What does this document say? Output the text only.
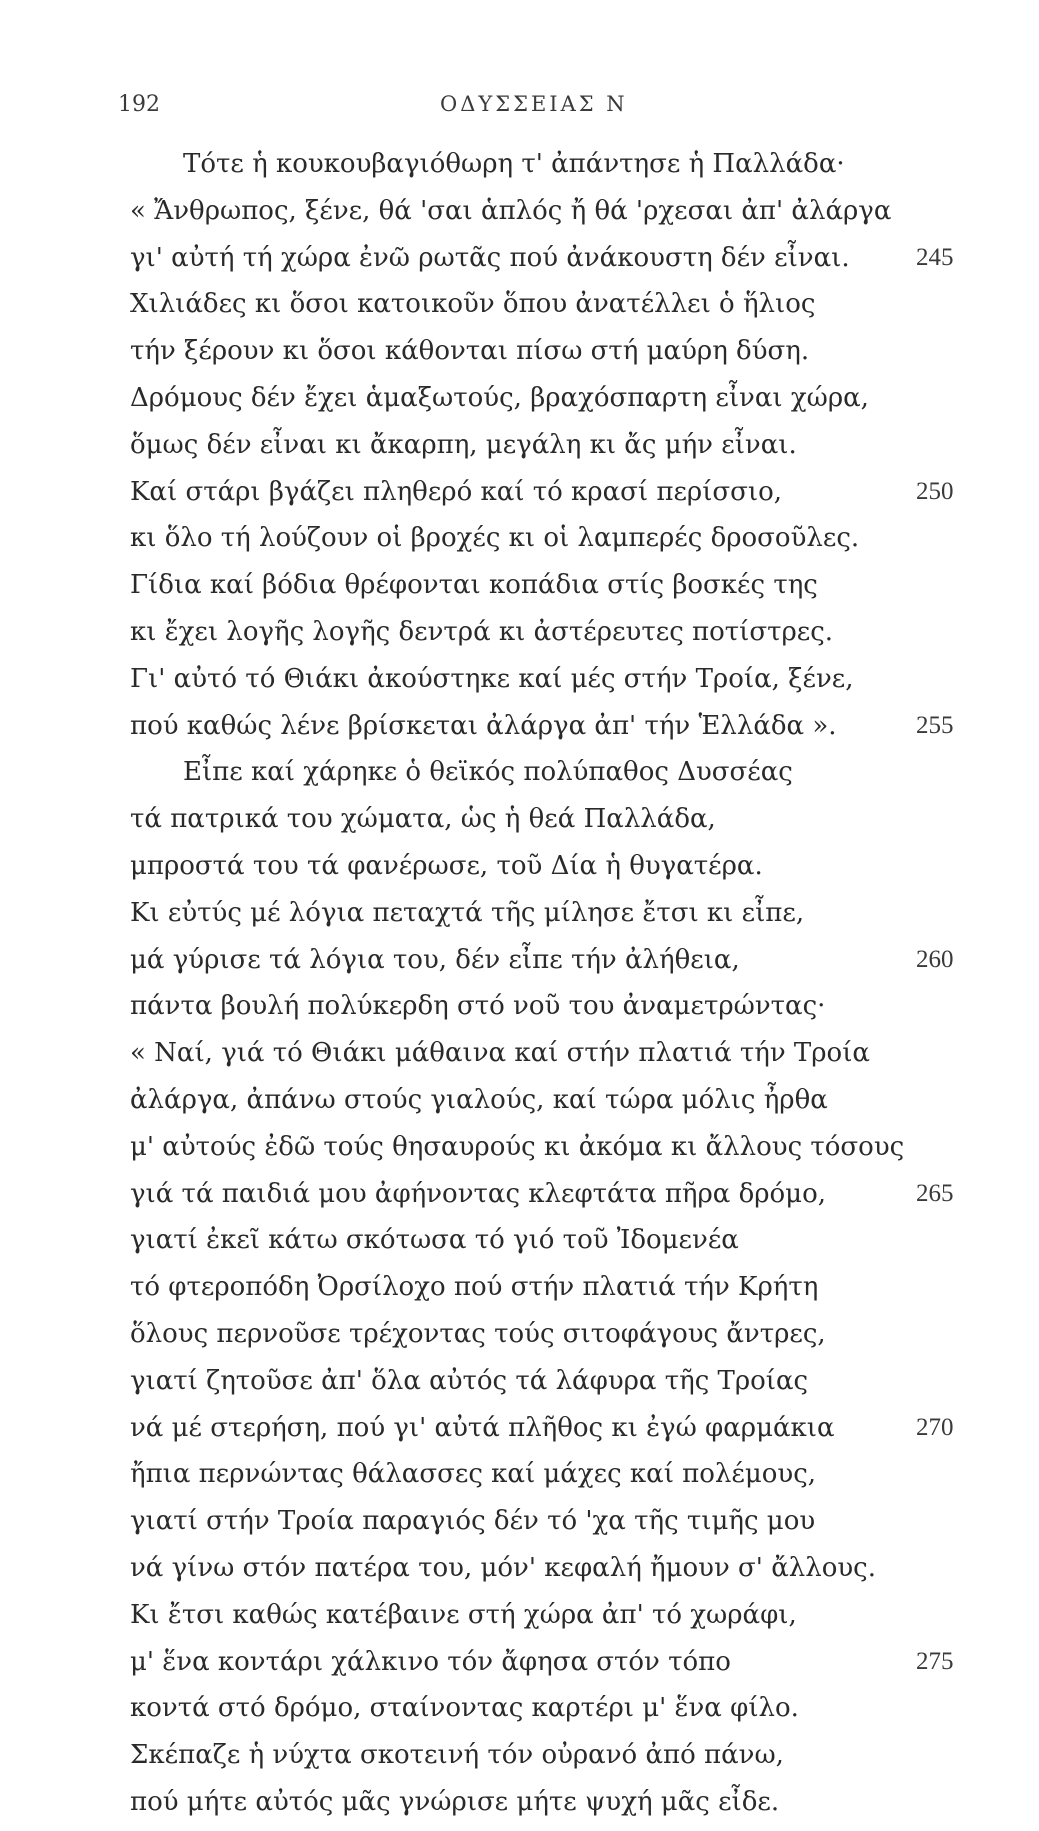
192	ΟΔΥΣΣΕΙΑΣ Ν
Τότε ἡ κουκουβαγιόθωρη τ' ἀπάντησε ἡ Παλλάδα·
« Ἄνθρωπος, ξένε, θά 'σαι ἁπλός ἤ θά 'ρχεσαι ἀπ' ἀλάργα
γι' αὐτή τή χώρα ἐνῶ ρωτᾶς πού ἀνάκουστη δέν εἶναι.	245
Χιλιάδες κι ὅσοι κατοικοῦν ὅπου ἀνατέλλει ὁ ἥλιος
τήν ξέρουν κι ὅσοι κάθονται πίσω στή μαύρη δύση.
Δρόμους δέν ἔχει ἁμαξωτούς, βραχόσπαρτη εἶναι χώρα,
ὅμως δέν εἶναι κι ἄκαρπη, μεγάλη κι ἄς μήν εἶναι.
Καί στάρι βγάζει πληθερό καί τό κρασί περίσσιο,	250
κι ὅλο τή λούζουν οἱ βροχές κι οἱ λαμπερές δροσοῦλες.
Γίδια καί βόδια θρέφονται κοπάδια στίς βοσκές της
κι ἔχει λογῆς λογῆς δεντρά κι ἀστέρευτες ποτίστρες.
Γι' αὐτό τό Θιάκι ἀκούστηκε καί μές στήν Τροία, ξένε,
πού καθώς λένε βρίσκεται ἀλάργα ἀπ' τήν Ἑλλάδα ».	255
Εἶπε καί χάρηκε ὁ θεϊκός πολύπαθος Δυσσέας
τά πατρικά του χώματα, ὡς ἡ θεά Παλλάδα,
μπροστά του τά φανέρωσε, τοῦ Δία ἡ θυγατέρα.
Κι εὐτύς μέ λόγια πεταχτά τῆς μίλησε ἔτσι κι εἶπε,
μά γύρισε τά λόγια του, δέν εἶπε τήν ἀλήθεια,	260
πάντα βουλή πολύκερδη στό νοῦ του ἀναμετρώντας·
« Ναί, γιά τό Θιάκι μάθαινα καί στήν πλατιά τήν Τροία
ἀλάργα, ἀπάνω στούς γιαλούς, καί τώρα μόλις ἦρθα
μ' αὐτούς ἐδῶ τούς θησαυρούς κι ἀκόμα κι ἄλλους τόσους
γιά τά παιδιά μου ἀφήνοντας κλεφτάτα πῆρα δρόμο,	265
γιατί ἐκεῖ κάτω σκότωσα τό γιό τοῦ Ἰδομενέα
τό φτεροπόδη Ὀρσίλοχο πού στήν πλατιά τήν Κρήτη
ὅλους περνοῦσε τρέχοντας τούς σιτοφάγους ἄντρες,
γιατί ζητοῦσε ἀπ' ὅλα αὐτός τά λάφυρα τῆς Τροίας
νά μέ στερήση, πού γι' αὐτά πλῆθος κι ἐγώ φαρμάκια	270
ἤπια περνώντας θάλασσες καί μάχες καί πολέμους,
γιατί στήν Τροία παραγιός δέν τό 'χα τῆς τιμῆς μου
νά γίνω στόν πατέρα του, μόν' κεφαλή ἤμουν σ' ἄλλους.
Κι ἔτσι καθώς κατέβαινε στή χώρα ἀπ' τό χωράφι,
μ' ἕνα κοντάρι χάλκινο τόν ἄφησα στόν τόπο	275
κοντά στό δρόμο, σταίνοντας καρτέρι μ' ἕνα φίλο.
Σκέπαζε ἡ νύχτα σκοτεινή τόν οὐρανό ἀπό πάνω,
πού μήτε αὐτός μᾶς γνώρισε μήτε ψυχή μᾶς εἶδε.
